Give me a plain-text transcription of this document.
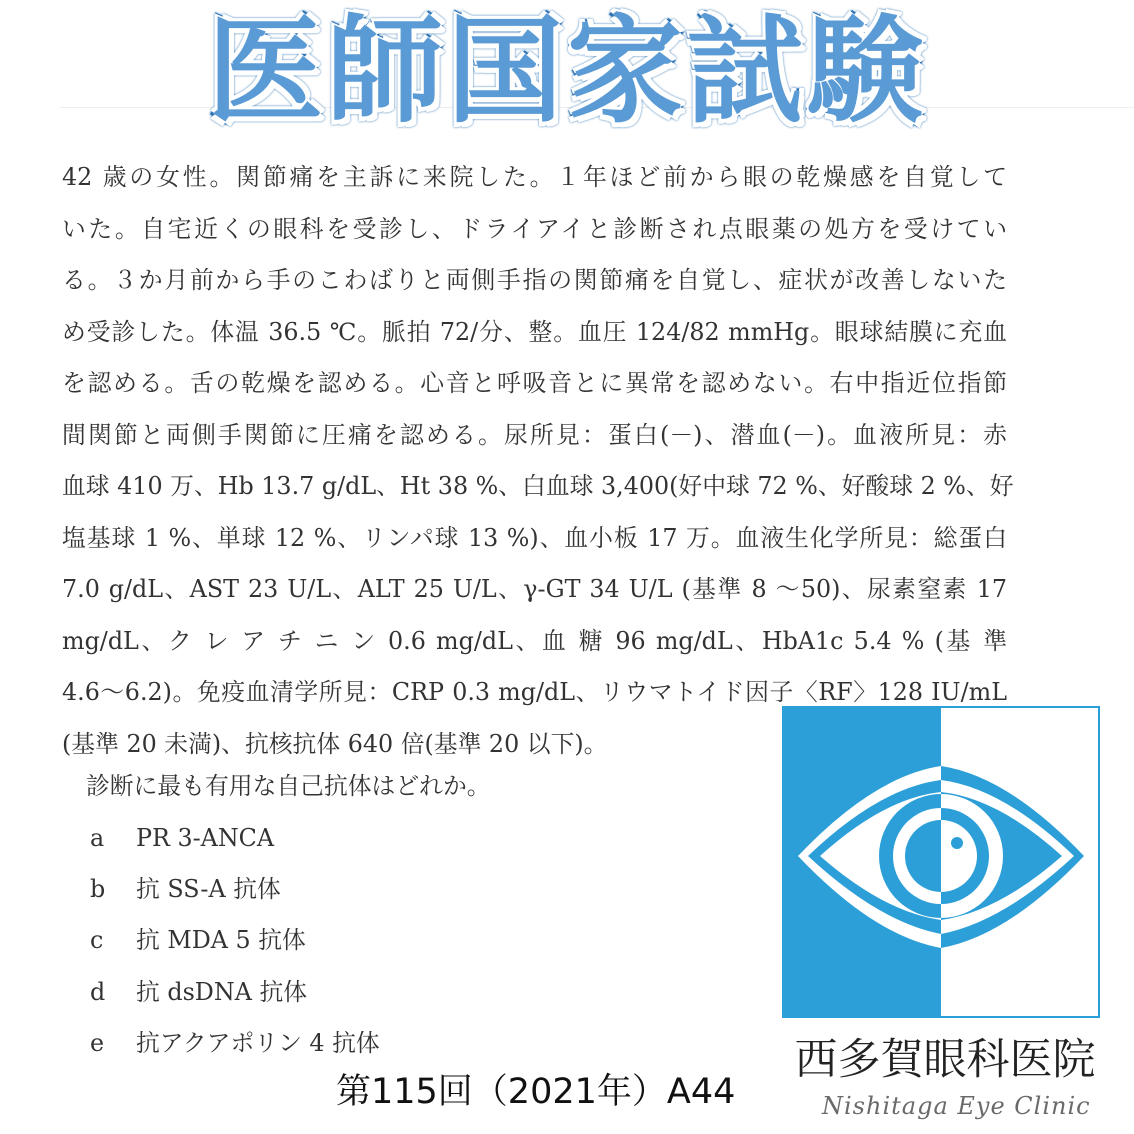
医師国家試験
42 歳の女性。関節痛を主訴に来院した。１年ほど前から眼の乾燥感を自覚して
いた。自宅近くの眼科を受診し、ドライアイと診断され点眼薬の処方を受けてい
る。３か月前から手のこわばりと両側手指の関節痛を自覚し、症状が改善しないた
め受診した。体温 36.5 ℃。脈拍 72/分、整。血圧 124/82 mmHg。眼球結膜に充血
を認める。舌の乾燥を認める。心音と呼吸音とに異常を認めない。右中指近位指節
間関節と両側手関節に圧痛を認める。尿所見：蛋白(－)、潜血(－)。血液所見：赤
血球 410 万、Hb 13.7 g/dL、Ht 38 %、白血球 3,400(好中球 72 %、好酸球 2 %、好
塩基球 1 %、単球 12 %、リンパ球 13 %)、血小板 17 万。血液生化学所見：総蛋白
7.0 g/dL、AST 23 U/L、ALT 25 U/L、γ-GT 34 U/L (基準 8 ～50)、尿素窒素 17
mg/dL、ク レ ア チ ニ ン 0.6 mg/dL、血 糖 96 mg/dL、HbA1c 5.4 % (基 準
4.6～6.2)。免疫血清学所見：CRP 0.3 mg/dL、リウマトイド因子〈RF〉128 IU/mL
(基準 20 未満)、抗核抗体 640 倍(基準 20 以下)。
診断に最も有用な自己抗体はどれか。
a PR 3-ANCA
b 抗 SS-A 抗体
c 抗 MDA 5 抗体
d 抗 dsDNA 抗体
e 抗アクアポリン 4 抗体
第115回（2021年）A44
西多賀眼科医院
Nishitaga Eye Clinic
